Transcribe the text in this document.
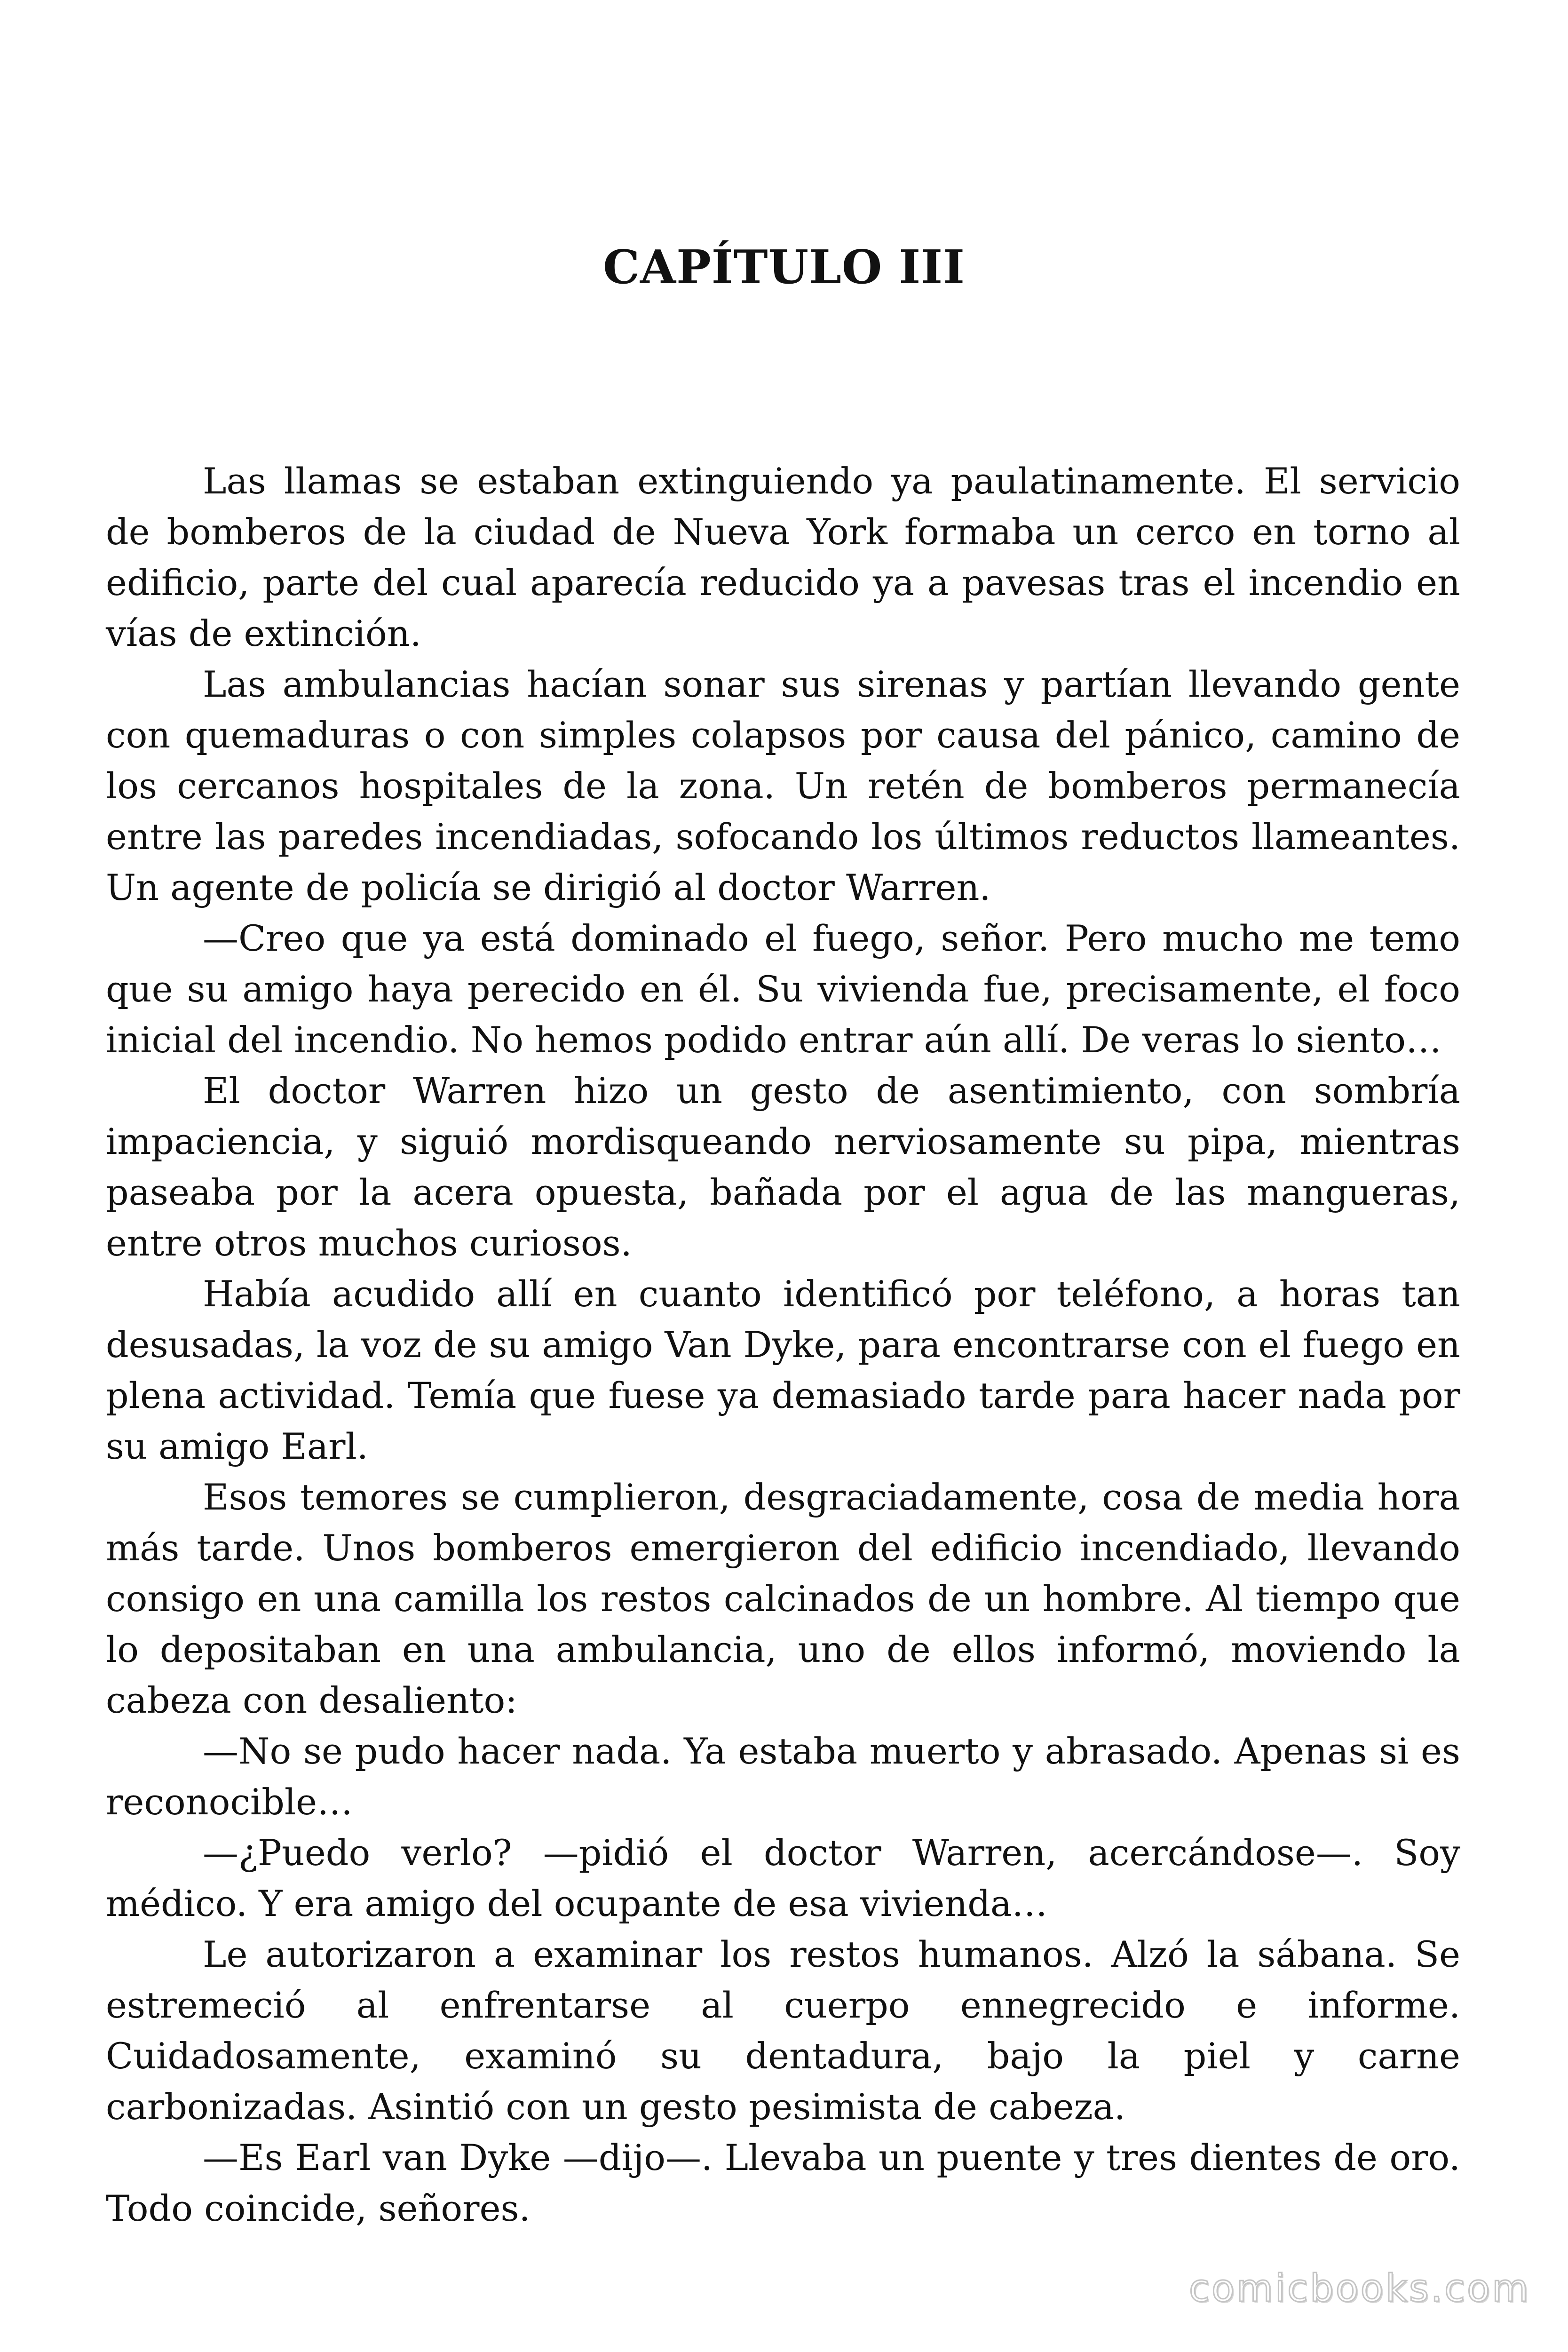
CAPÍTULO III

Las llamas se estaban extinguiendo ya paulatinamente. El servicio de bomberos de la ciudad de Nueva York formaba un cerco en torno al edificio, parte del cual aparecía reducido ya a pavesas tras el incendio en vías de extinción.

Las ambulancias hacían sonar sus sirenas y partían llevando gente con quemaduras o con simples colapsos por causa del pánico, camino de los cercanos hospitales de la zona. Un retén de bomberos permanecía entre las paredes incendiadas, sofocando los últimos reductos llameantes. Un agente de policía se dirigió al doctor Warren.

—Creo que ya está dominado el fuego, señor. Pero mucho me temo que su amigo haya perecido en él. Su vivienda fue, precisamente, el foco inicial del incendio. No hemos podido entrar aún allí. De veras lo siento…

El doctor Warren hizo un gesto de asentimiento, con sombría impaciencia, y siguió mordisqueando nerviosamente su pipa, mientras paseaba por la acera opuesta, bañada por el agua de las mangueras, entre otros muchos curiosos.

Había acudido allí en cuanto identificó por teléfono, a horas tan desusadas, la voz de su amigo Van Dyke, para encontrarse con el fuego en plena actividad. Temía que fuese ya demasiado tarde para hacer nada por su amigo Earl.

Esos temores se cumplieron, desgraciadamente, cosa de media hora más tarde. Unos bomberos emergieron del edificio incendiado, llevando consigo en una camilla los restos calcinados de un hombre. Al tiempo que lo depositaban en una ambulancia, uno de ellos informó, moviendo la cabeza con desaliento:

—No se pudo hacer nada. Ya estaba muerto y abrasado. Apenas si es reconocible…

—¿Puedo verlo? —pidió el doctor Warren, acercándose—. Soy médico. Y era amigo del ocupante de esa vivienda…

Le autorizaron a examinar los restos humanos. Alzó la sábana. Se estremeció al enfrentarse al cuerpo ennegrecido e informe. Cuidadosamente, examinó su dentadura, bajo la piel y carne carbonizadas. Asintió con un gesto pesimista de cabeza.

—Es Earl van Dyke —dijo—. Llevaba un puente y tres dientes de oro. Todo coincide, señores.

comicbooks.com
